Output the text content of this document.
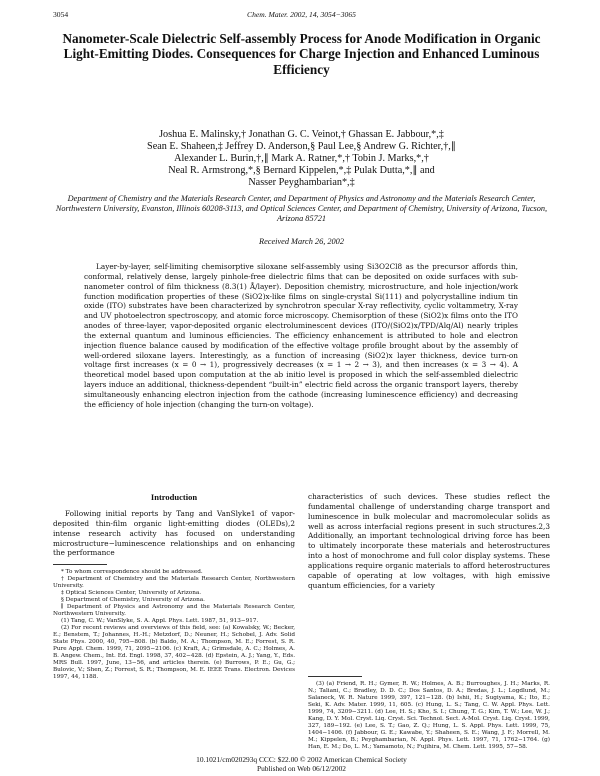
3054	Chem. Mater. 2002, 14, 3054−3065
Nanometer-Scale Dielectric Self-assembly Process for Anode Modification in Organic Light-Emitting Diodes. Consequences for Charge Injection and Enhanced Luminous Efficiency
Joshua E. Malinsky,† Jonathan G. C. Veinot,† Ghassan E. Jabbour,*,‡
Sean E. Shaheen,‡ Jeffrey D. Anderson,§ Paul Lee,§ Andrew G. Richter,†,∥
Alexander L. Burin,†,∥ Mark A. Ratner,*,† Tobin J. Marks,*,†
Neal R. Armstrong,*,§ Bernard Kippelen,*,‡ Pulak Dutta,*,∥ and
Nasser Peyghambarian*,‡
Department of Chemistry and the Materials Research Center, and Department of Physics and Astronomy and the Materials Research Center, Northwestern University, Evanston, Illinois 60208-3113, and Optical Sciences Center, and Department of Chemistry, University of Arizona, Tucson, Arizona 85721
Received March 26, 2002
Layer-by-layer, self-limiting chemisorptive siloxane self-assembly using Si3O2Cl8 as the precursor affords thin, conformal, relatively dense, largely pinhole-free dielectric films that can be deposited on oxide surfaces with sub-nanometer control of film thickness (8.3(1) Å/layer). Deposition chemistry, microstructure, and hole injection/work function modification properties of these (SiO2)x-like films on single-crystal Si(111) and polycrystalline indium tin oxide (ITO) substrates have been characterized by synchrotron specular X-ray reflectivity, cyclic voltammetry, X-ray and UV photoelectron spectroscopy, and atomic force microscopy. Chemisorption of these (SiO2)x films onto the ITO anodes of three-layer, vapor-deposited organic electroluminescent devices (ITO/(SiO2)x/TPD/Alq/Al) nearly triples the external quantum and luminous efficiencies. The efficiency enhancement is attributed to hole and electron injection fluence balance caused by modification of the effective voltage profile brought about by the assembly of well-ordered siloxane layers. Interestingly, as a function of increasing (SiO2)x layer thickness, device turn-on voltage first increases (x = 0 → 1), progressively decreases (x = 1 → 2 → 3), and then increases (x = 3 → 4). A theoretical model based upon computation at the ab initio level is proposed in which the self-assembled dielectric layers induce an additional, thickness-dependent “built-in” electric field across the organic transport layers, thereby simultaneously enhancing electron injection from the cathode (increasing luminescence efficiency) and decreasing the efficiency of hole injection (changing the turn-on voltage).
Introduction

Following initial reports by Tang and VanSlyke1 of vapor-deposited thin-film organic light-emitting diodes (OLEDs),2 intense research activity has focused on understanding microstructure−luminescence relationships and on enhancing the performance

* To whom correspondence should be addressed.

† Department of Chemistry and the Materials Research Center, Northwestern University.

‡ Optical Sciences Center, University of Arizona.

§ Department of Chemistry, University of Arizona.

∥ Department of Physics and Astronomy and the Materials Research Center, Northwestern University.

(1) Tang, C. W.; VanSlyke, S. A. Appl. Phys. Lett. 1987, 51, 913−917.

(2) For recent reviews and overviews of this field, see: (a) Kowalsky, W.; Becker, E.; Benstem, T.; Johannes, H.-H.; Metzdorf, D.; Neuner, H.; Schobel, J. Adv. Solid State Phys. 2000, 40, 795−808. (b) Baldo, M. A.; Thompson, M. E.; Forrest, S. R. Pure Appl. Chem. 1999, 71, 2095−2106. (c) Kraft, A.; Grimsdale, A. C.; Holmes, A. B. Angew. Chem., Int. Ed. Engl. 1998, 37, 402−428. (d) Epstein, A. J.; Yang, Y., Eds. MRS Bull. 1997, June, 13−56, and articles therein. (e) Burrows, P. E.; Gu, G.; Bulovic, V.; Shen, Z.; Forrest, S. R.; Thompson, M. E. IEEE Trans. Electron. Devices 1997, 44, 1188.

characteristics of such devices. These studies reflect the fundamental challenge of understanding charge transport and luminescence in bulk molecular and macromolecular solids as well as across interfacial regions present in such structures.2,3 Additionally, an important technological driving force has been to ultimately incorporate these materials and heterostructures into a host of monochrome and full color display systems. These applications require organic materials to afford heterostructures capable of operating at low voltages, with high emissive quantum efficiencies, for a variety

(3) (a) Friend, R. H.; Gymer, R. W.; Holmes, A. B.; Burroughes, J. H.; Marks, R. N.; Taliani, C.; Bradley, D. D. C.; Dos Santos, D. A.; Bredas, J. L.; Logdlund, M.; Salaneck, W. R. Nature 1999, 397, 121−128. (b) Ishii, H.; Sugiyama, K.; Ito, E.; Seki, K. Adv. Mater. 1999, 11, 605. (c) Hung, L. S.; Tang, C. W. Appl. Phys. Lett. 1999, 74, 3209−3211. (d) Lee, H. S.; Kho, S. I.; Chung, T. G.; Kim, T. W.; Lee, W. J.; Kang, D. Y. Mol. Cryst. Liq. Cryst. Sci. Technol. Sect. A-Mol. Cryst. Liq. Cryst. 1999, 327, 189−192. (e) Lee, S. T.; Gao, Z. Q.; Hung, L. S. Appl. Phys. Lett. 1999, 75, 1404−1406. (f) Jabbour, G. E.; Kawabe, Y.; Shaheen, S. E.; Wang, J. F.; Morrell, M. M.; Kippelen, B.; Peyghambarian, N. Appl. Phys. Lett. 1997, 71, 1762−1764. (g) Han, E. M.; Do, L. M.; Yamamoto, N.; Fujihira, M. Chem. Lett. 1995, 57−58.

10.1021/cm020293q CCC: $22.00 © 2002 American Chemical Society
Published on Web 06/12/2002
